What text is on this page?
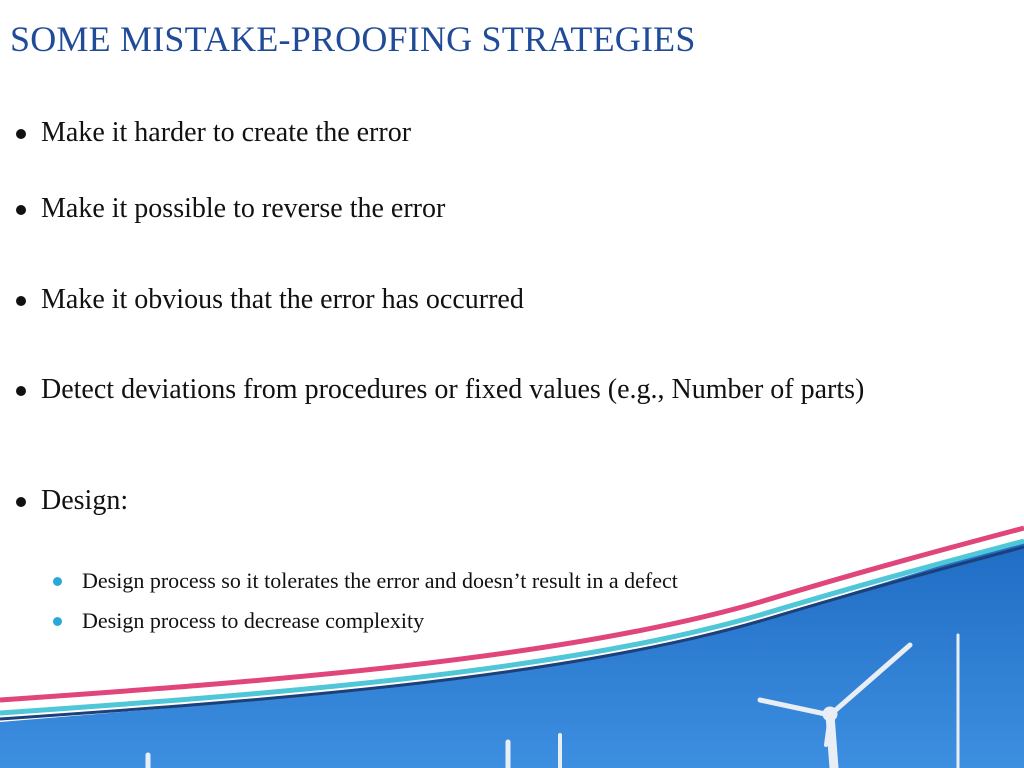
SOME MISTAKE-PROOFING STRATEGIES
Make it harder to create the error
Make it possible to reverse the error
Make it obvious that the error has occurred
Detect deviations from procedures or fixed values (e.g., Number of parts)
Design:
Design process so it tolerates the error and doesn’t result in a defect
Design process to decrease complexity
